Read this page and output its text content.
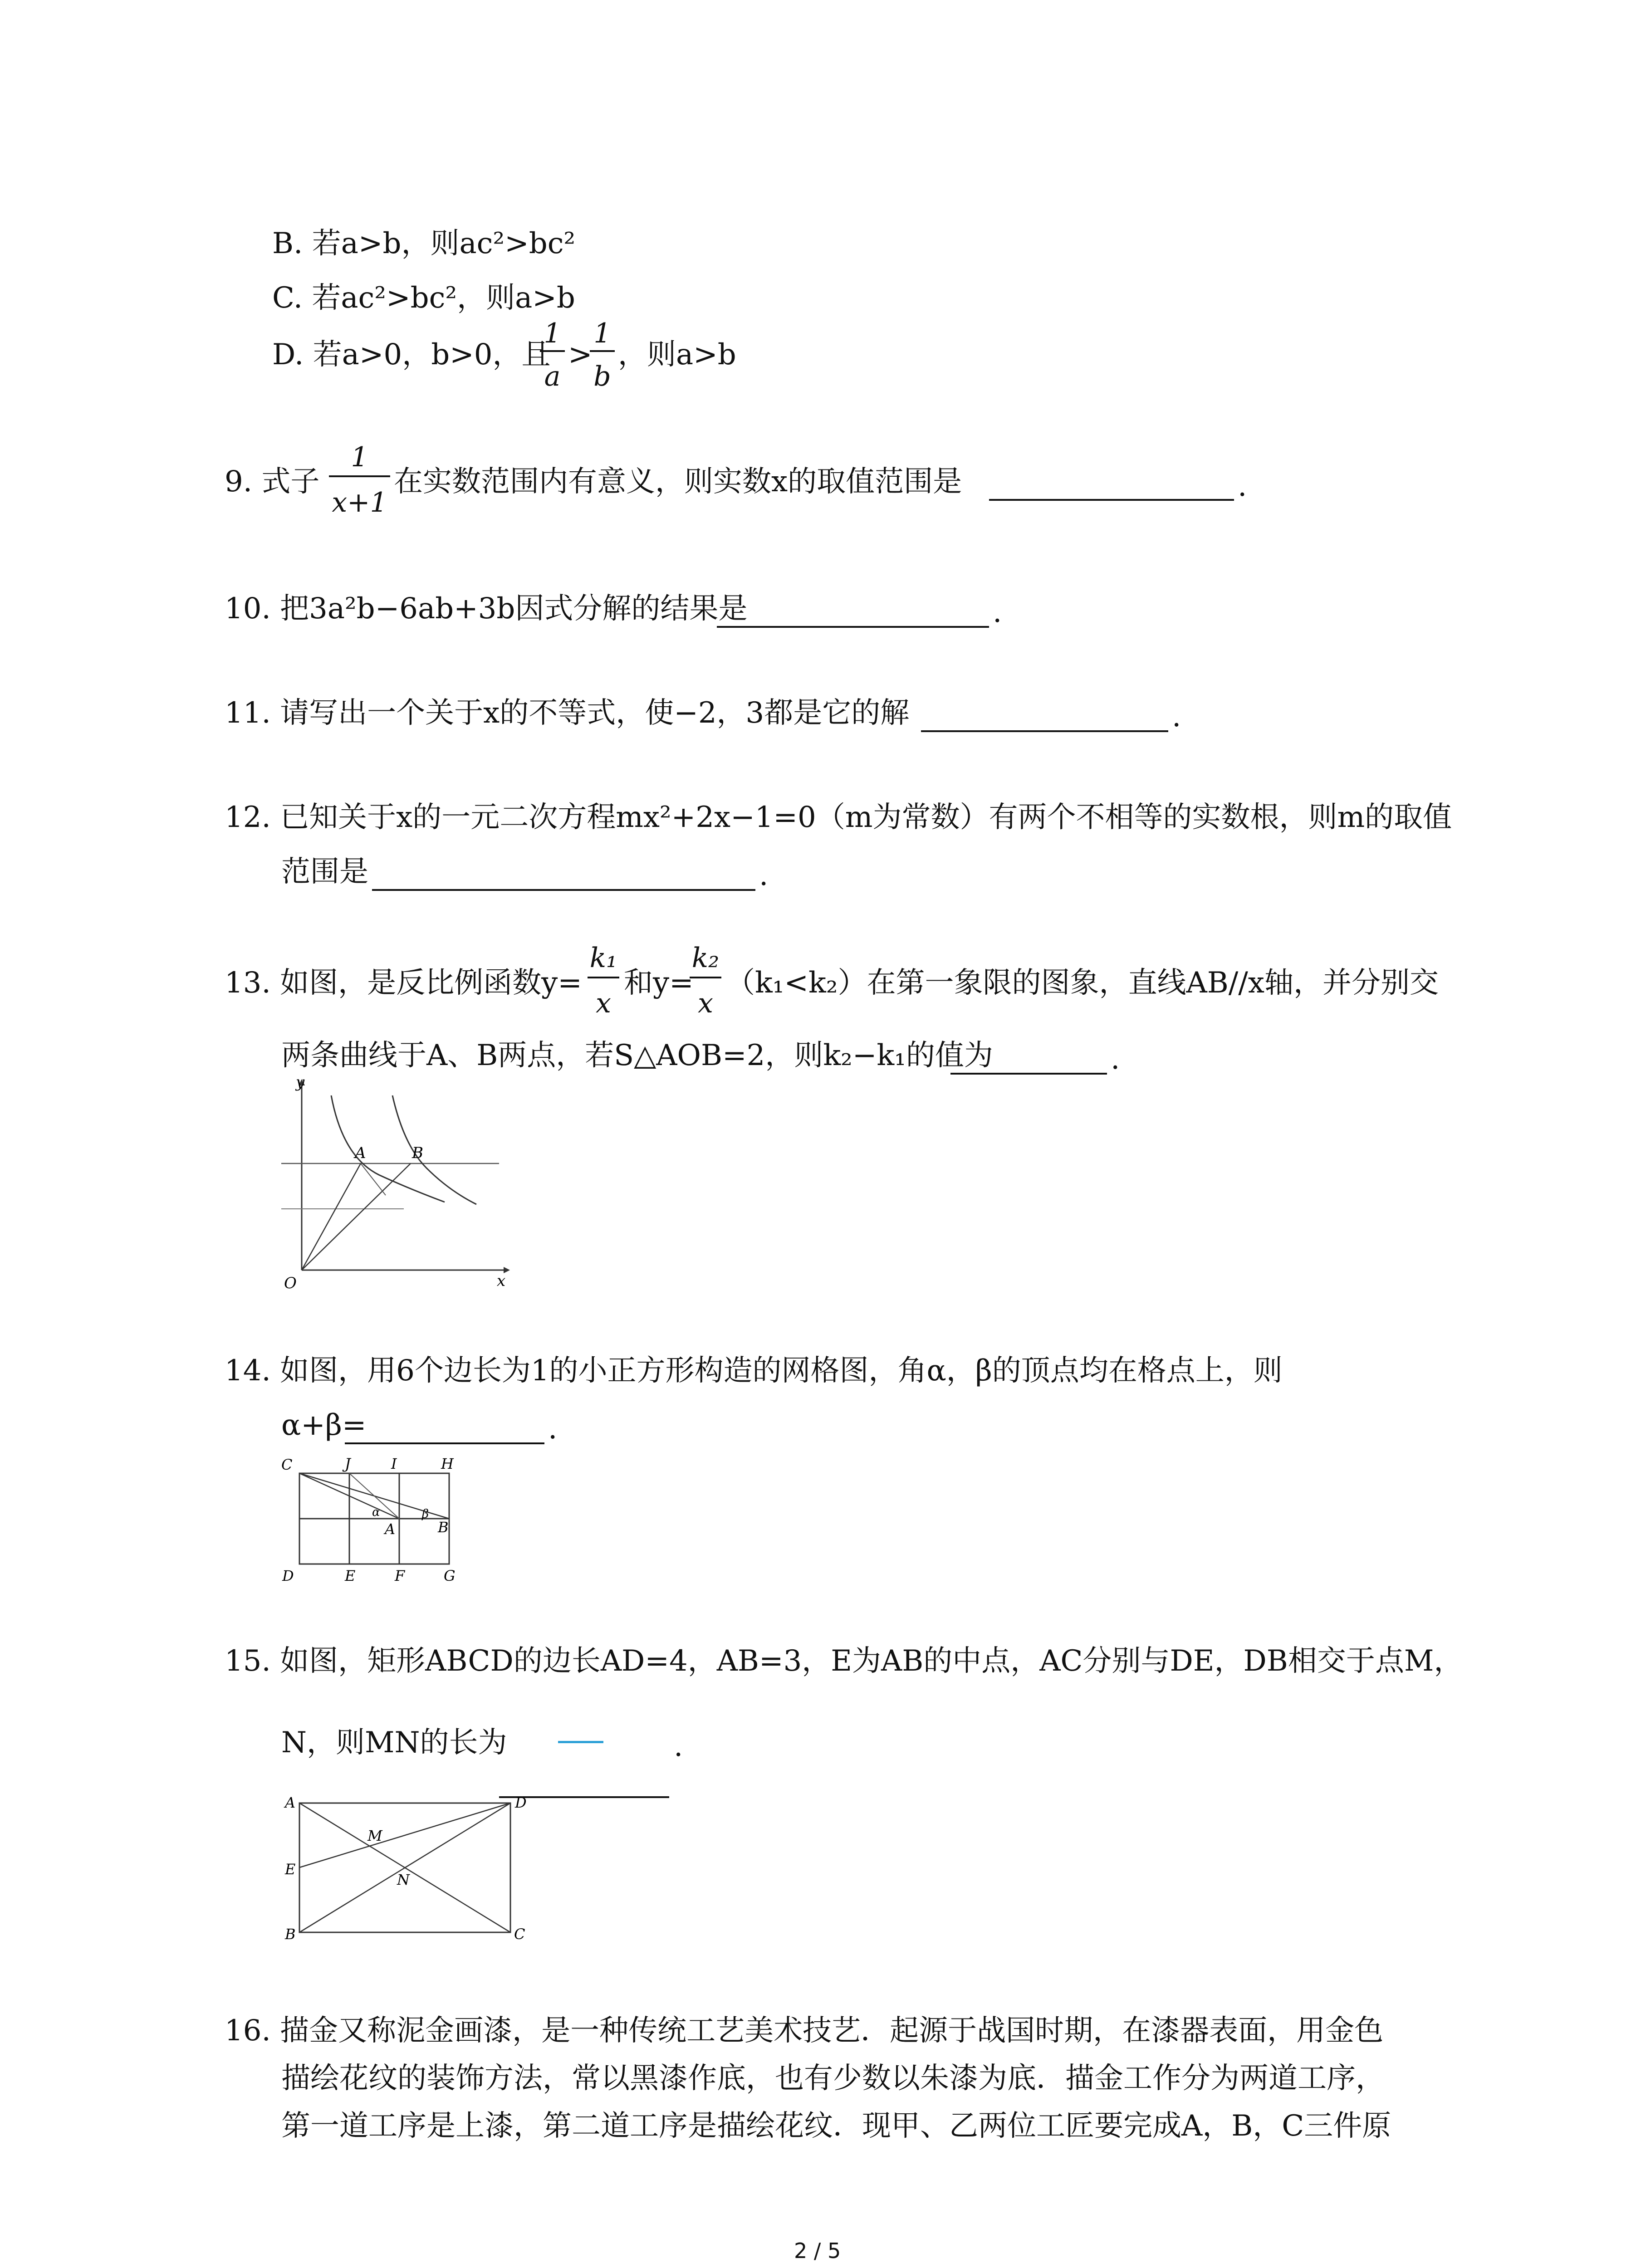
B. 若a>b，则ac²>bc²
C. 若ac²>bc²，则a>b
D. 若a>0，b>0，且
1
a
>
1
b
，则a>b
9. 式子
1
x+1
在实数范围内有意义，则实数x的取值范围是	.
10. 把3a²b−6ab+3b因式分解的结果是	.
11. 请写出一个关于x的不等式，使−2，3都是它的解	.
12. 已知关于x的一元二次方程mx²+2x−1=0（m为常数）有两个不相等的实数根，则m的取值
范围是	.
13. 如图，是反比例函数y=
k₁
x
和y=
k₂
x
（k₁<k₂）在第一象限的图象，直线AB//x轴，并分别交
两条曲线于A、B两点，若S△AOB=2，则k₂−k₁的值为	.
y
x
O
A	B
14. 如图，用6个边长为1的小正方形构造的网格图，角α，β的顶点均在格点上，则
α+β=	.
C	J	I	H
D	E	F	G
A	B
α	β
15. 如图，矩形ABCD的边长AD=4，AB=3，E为AB的中点，AC分别与DE，DB相交于点M，
N，则MN的长为	.
A	D
E
B	C
M
N
16. 描金又称泥金画漆，是一种传统工艺美术技艺．起源于战国时期，在漆器表面，用金色
描绘花纹的装饰方法，常以黑漆作底，也有少数以朱漆为底．描金工作分为两道工序，
第一道工序是上漆，第二道工序是描绘花纹．现甲、乙两位工匠要完成A，B，C三件原
2 / 5
